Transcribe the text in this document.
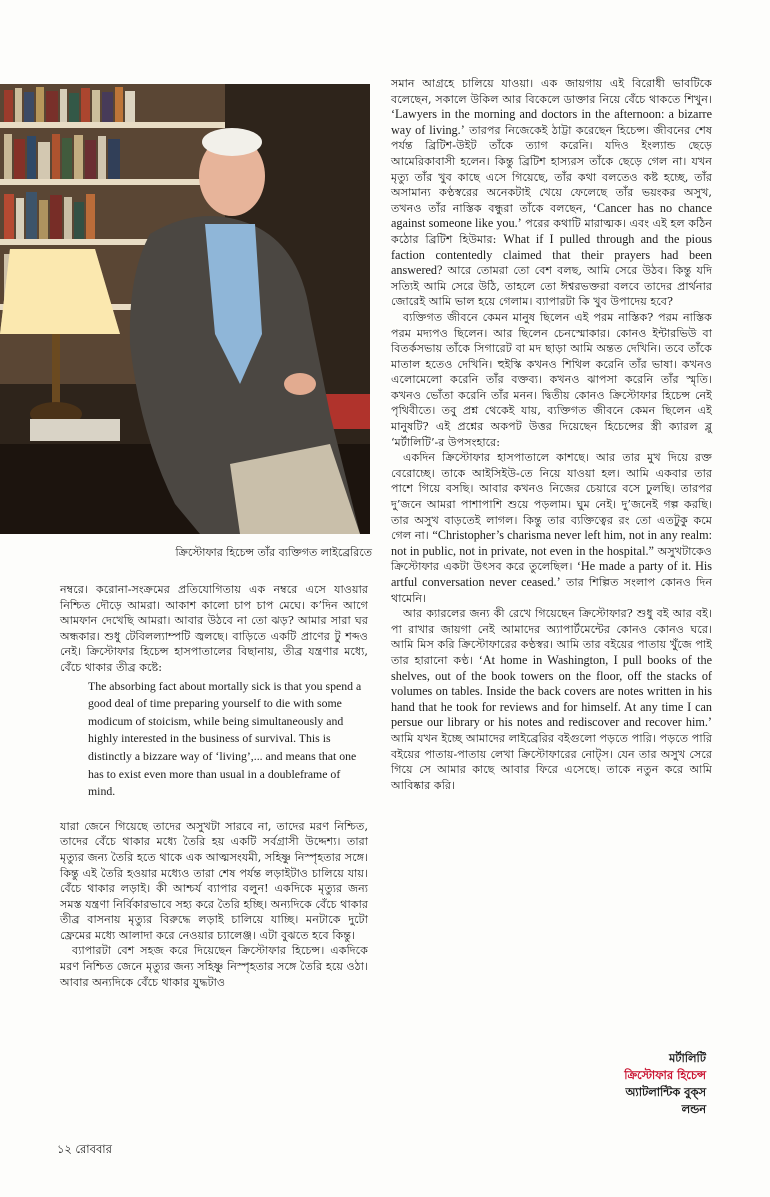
ক্রিস্টোফার হিচেন্স তাঁর ব্যক্তিগত লাইব্রেরিতে

নম্বরে। করোনা-সংক্রমের প্রতিযোগিতায় এক নম্বরে এসে যাওয়ার নিশ্চিত দৌড়ে আমরা। আকাশ কালো চাপ চাপ মেঘে। ক’দিন আগে আমফান দেখেছি আমরা। আবার উঠবে না তো ঝড়? আমার সারা ঘর অন্ধকার। শুধু টেবিলল্যাম্পটি জ্বলছে। বাড়িতে একটি প্রাণের টু শব্দও নেই। ক্রিস্টোফার হিচেন্স হাসপাতালের বিছানায়, তীব্র যন্ত্রণার মধ্যে, বেঁচে থাকার তীব্র কষ্টে:

The absorbing fact about mortally sick is that you spend a good deal of time preparing yourself to die with some modicum of stoicism, while being simultaneously and highly interested in the business of survival. This is distinctly a bizzare way of ‘living’,... and means that one has to exist even more than usual in a doubleframe of mind.

যারা জেনে গিয়েছে তাদের অসুখটা সারবে না, তাদের মরণ নিশ্চিত, তাদের বেঁচে থাকার মধ্যে তৈরি হয় একটি সর্বগ্রাসী উদ্দেশ্য। তারা মৃত্যুর জন্য তৈরি হতে থাকে এক আত্মসংযমী, সহিষ্ণু নিস্পৃহতার সঙ্গে। কিন্তু এই তৈরি হওয়ার মধ্যেও তারা শেষ পর্যন্ত লড়াইটাও চালিয়ে যায়। বেঁচে থাকার লড়াই। কী আশ্চর্য ব্যাপার বলুন! একদিকে মৃত্যুর জন্য সমস্ত যন্ত্রণা নির্বিকারভাবে সহ্য করে তৈরি হচ্ছি। অন্যদিকে বেঁচে থাকার তীব্র বাসনায় মৃত্যুর বিরুদ্ধে লড়াই চালিয়ে যাচ্ছি। মনটাকে দুটো ফ্রেমের মধ্যে আলাদা করে নেওয়ার চ্যালেঞ্জ। এটা বুঝতে হবে কিন্তু।

ব্যাপারটা বেশ সহজ করে দিয়েছেন ক্রিস্টোফার হিচেন্স। একদিকে মরণ নিশ্চিত জেনে মৃত্যুর জন্য সহিষ্ণু নিস্পৃহতার সঙ্গে তৈরি হয়ে ওঠা। আবার অন্যদিকে বেঁচে থাকার যুদ্ধটাও

সমান আগ্রহে চালিয়ে যাওয়া। এক জায়গায় এই বিরোধী ভাবটিকে বলেছেন, সকালে উকিল আর বিকেলে ডাক্তার নিয়ে বেঁচে থাকতে শিখুন। ‘Lawyers in the morning and doctors in the afternoon: a bizarre way of living.’ তারপর নিজেকেই ঠাট্টা করেছেন হিচেন্স। জীবনের শেষ পর্যন্ত ব্রিটিশ-উইট তাঁকে ত্যাগ করেনি। যদিও ইংল্যান্ড ছেড়ে আমেরিকাবাসী হলেন। কিন্তু ব্রিটিশ হাস্যরস তাঁকে ছেড়ে গেল না। যখন মৃত্যু তাঁর খুব কাছে এসে গিয়েছে, তাঁর কথা বলতেও কষ্ট হচ্ছে, তাঁর অসামান্য কণ্ঠস্বরের অনেকটাই খেয়ে ফেলেছে তাঁর ভয়ংকর অসুখ, তখনও তাঁর নাস্তিক বন্ধুরা তাঁকে বলছেন, ‘Cancer has no chance against someone like you.’ পরের কথাটি মারাত্মক। এবং এই হল কঠিন কঠোর ব্রিটিশ হিউমার: What if I pulled through and the pious faction contentedly claimed that their prayers had been answered? আরে তোমরা তো বেশ বলছ, আমি সেরে উঠব। কিন্তু যদি সত্যিই আমি সেরে উঠি, তাহলে তো ঈশ্বরভক্তরা বলবে তাদের প্রার্থনার জোরেই আমি ভাল হয়ে গেলাম। ব্যাপারটা কি খুব উপাদেয় হবে?

ব্যক্তিগত জীবনে কেমন মানুষ ছিলেন এই পরম নাস্তিক? পরম নাস্তিক পরম মদ্যপও ছিলেন। আর ছিলেন চেনস্মোকার। কোনও ইন্টারভিউ বা বিতর্কসভায় তাঁকে সিগারেট বা মদ ছাড়া আমি অন্তত দেখিনি। তবে তাঁকে মাতাল হতেও দেখিনি। হুইস্কি কখনও শিথিল করেনি তাঁর ভাষা। কখনও এলোমেলো করেনি তাঁর বক্তব্য। কখনও ঝাপসা করেনি তাঁর স্মৃতি। কখনও ভোঁতা করেনি তাঁর মনন। দ্বিতীয় কোনও ক্রিস্টোফার হিচেন্স নেই পৃথিবীতে। তবু প্রশ্ন থেকেই যায়, ব্যক্তিগত জীবনে কেমন ছিলেন এই মানুষটি? এই প্রশ্নের অকপট উত্তর দিয়েছেন হিচেন্সের স্ত্রী ক্যারল ব্লু ‘মর্টালিটি’-র উপসংহারে:

একদিন ক্রিস্টোফার হাসপাতালে কাশছে। আর তার মুখ দিয়ে রক্ত বেরোচ্ছে। তাকে আইসিইউ-তে নিয়ে যাওয়া হল। আমি একবার তার পাশে গিয়ে বসছি। আবার কখনও নিজের চেয়ারে বসে ঢুলছি। তারপর দু’জনে আমরা পাশাপাশি শুয়ে পড়লাম। ঘুম নেই। দু’জনেই গল্প করছি। তার অসুখ বাড়তেই লাগল। কিন্তু তার ব্যক্তিত্বের রং তো এতটুকু কমে গেল না। “Christopher’s charisma never left him, not in any realm: not in public, not in private, not even in the hospital.” অসুখটাকেও ক্রিস্টোফার একটা উৎসব করে তুলেছিল। ‘He made a party of it. His artful conversation never ceased.’ তার শিল্পিত সংলাপ কোনও দিন থামেনি।

আর ক্যারলের জন্য কী রেখে গিয়েছেন ক্রিস্টোফার? শুধু বই আর বই। পা রাখার জায়গা নেই আমাদের অ্যাপার্টমেন্টের কোনও কোনও ঘরে। আমি মিস করি ক্রিস্টোফারের কণ্ঠস্বর। আমি তার বইয়ের পাতায় খুঁজে পাই তার হারানো কণ্ঠ। ‘At home in Washington, I pull books of the shelves, out of the book towers on the floor, off the stacks of volumes on tables. Inside the back covers are notes written in his hand that he took for reviews and for himself. At any time I can persue our library or his notes and rediscover and recover him.’ আমি যখন ইচ্ছে আমাদের লাইব্রেরির বইগুলো পড়তে পারি। পড়তে পারি বইয়ের পাতায়-পাতায় লেখা ক্রিস্টোফারের নোট্স। যেন তার অসুখ সেরে গিয়ে সে আমার কাছে আবার ফিরে এসেছে। তাকে নতুন করে আমি আবিষ্কার করি।

মর্টালিটি
ক্রিস্টোফার হিচেন্স
অ্যাটলান্টিক বুক্‌স
লন্ডন
১২ রোববার
